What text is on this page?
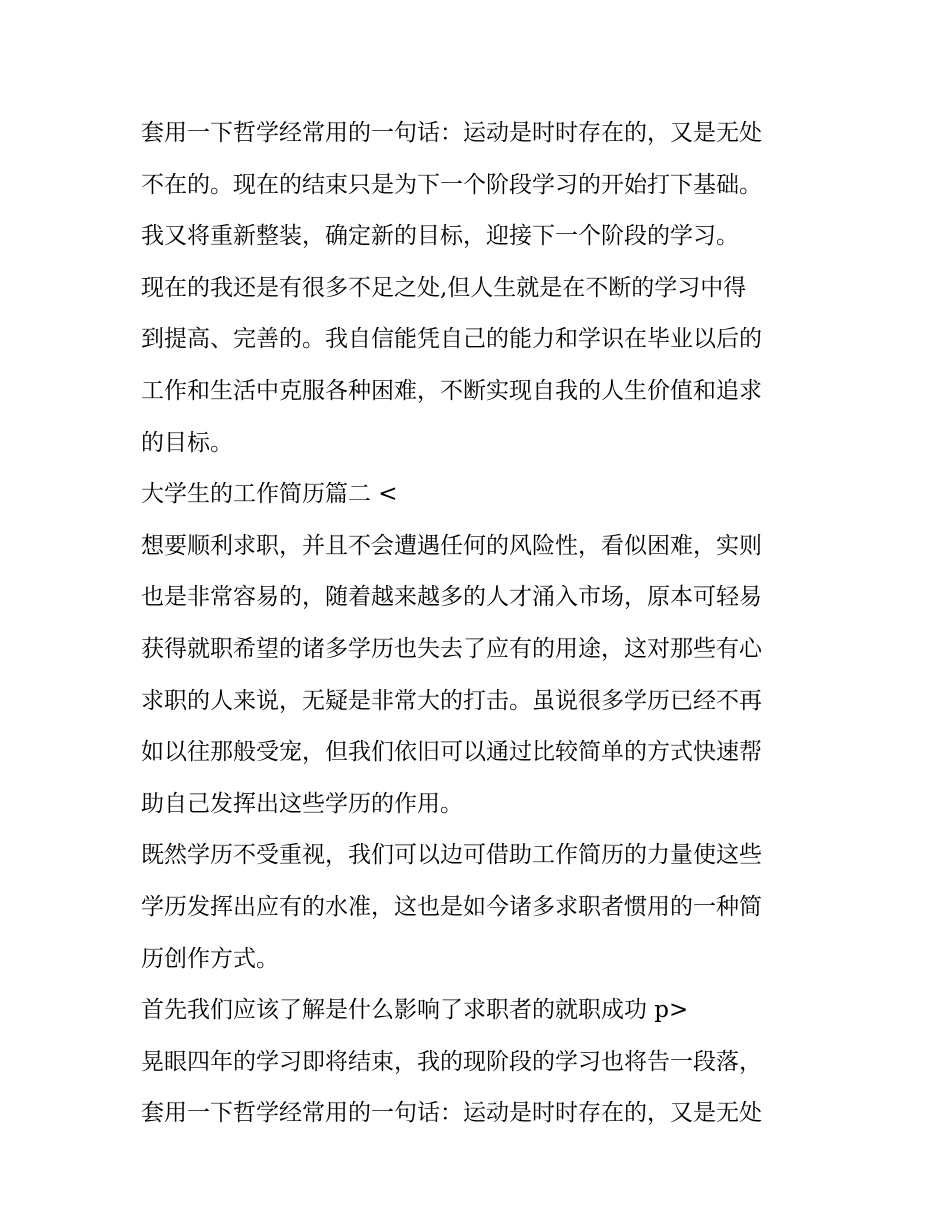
套用一下哲学经常用的一句话：运动是时时存在的，又是无处
不在的。现在的结束只是为下一个阶段学习的开始打下基础。
我又将重新整装，确定新的目标，迎接下一个阶段的学习。
现在的我还是有很多不足之处,但人生就是在不断的学习中得
到提高、完善的。我自信能凭自己的能力和学识在毕业以后的
工作和生活中克服各种困难，不断实现自我的人生价值和追求
的目标。
大学生的工作简历篇二 <
想要顺利求职，并且不会遭遇任何的风险性，看似困难，实则
也是非常容易的，随着越来越多的人才涌入市场，原本可轻易
获得就职希望的诸多学历也失去了应有的用途，这对那些有心
求职的人来说，无疑是非常大的打击。虽说很多学历已经不再
如以往那般受宠，但我们依旧可以通过比较简单的方式快速帮
助自己发挥出这些学历的作用。
既然学历不受重视，我们可以边可借助工作简历的力量使这些
学历发挥出应有的水准，这也是如今诸多求职者惯用的一种简
历创作方式。
首先我们应该了解是什么影响了求职者的就职成功 p>
晃眼四年的学习即将结束，我的现阶段的学习也将告一段落，
套用一下哲学经常用的一句话：运动是时时存在的，又是无处
